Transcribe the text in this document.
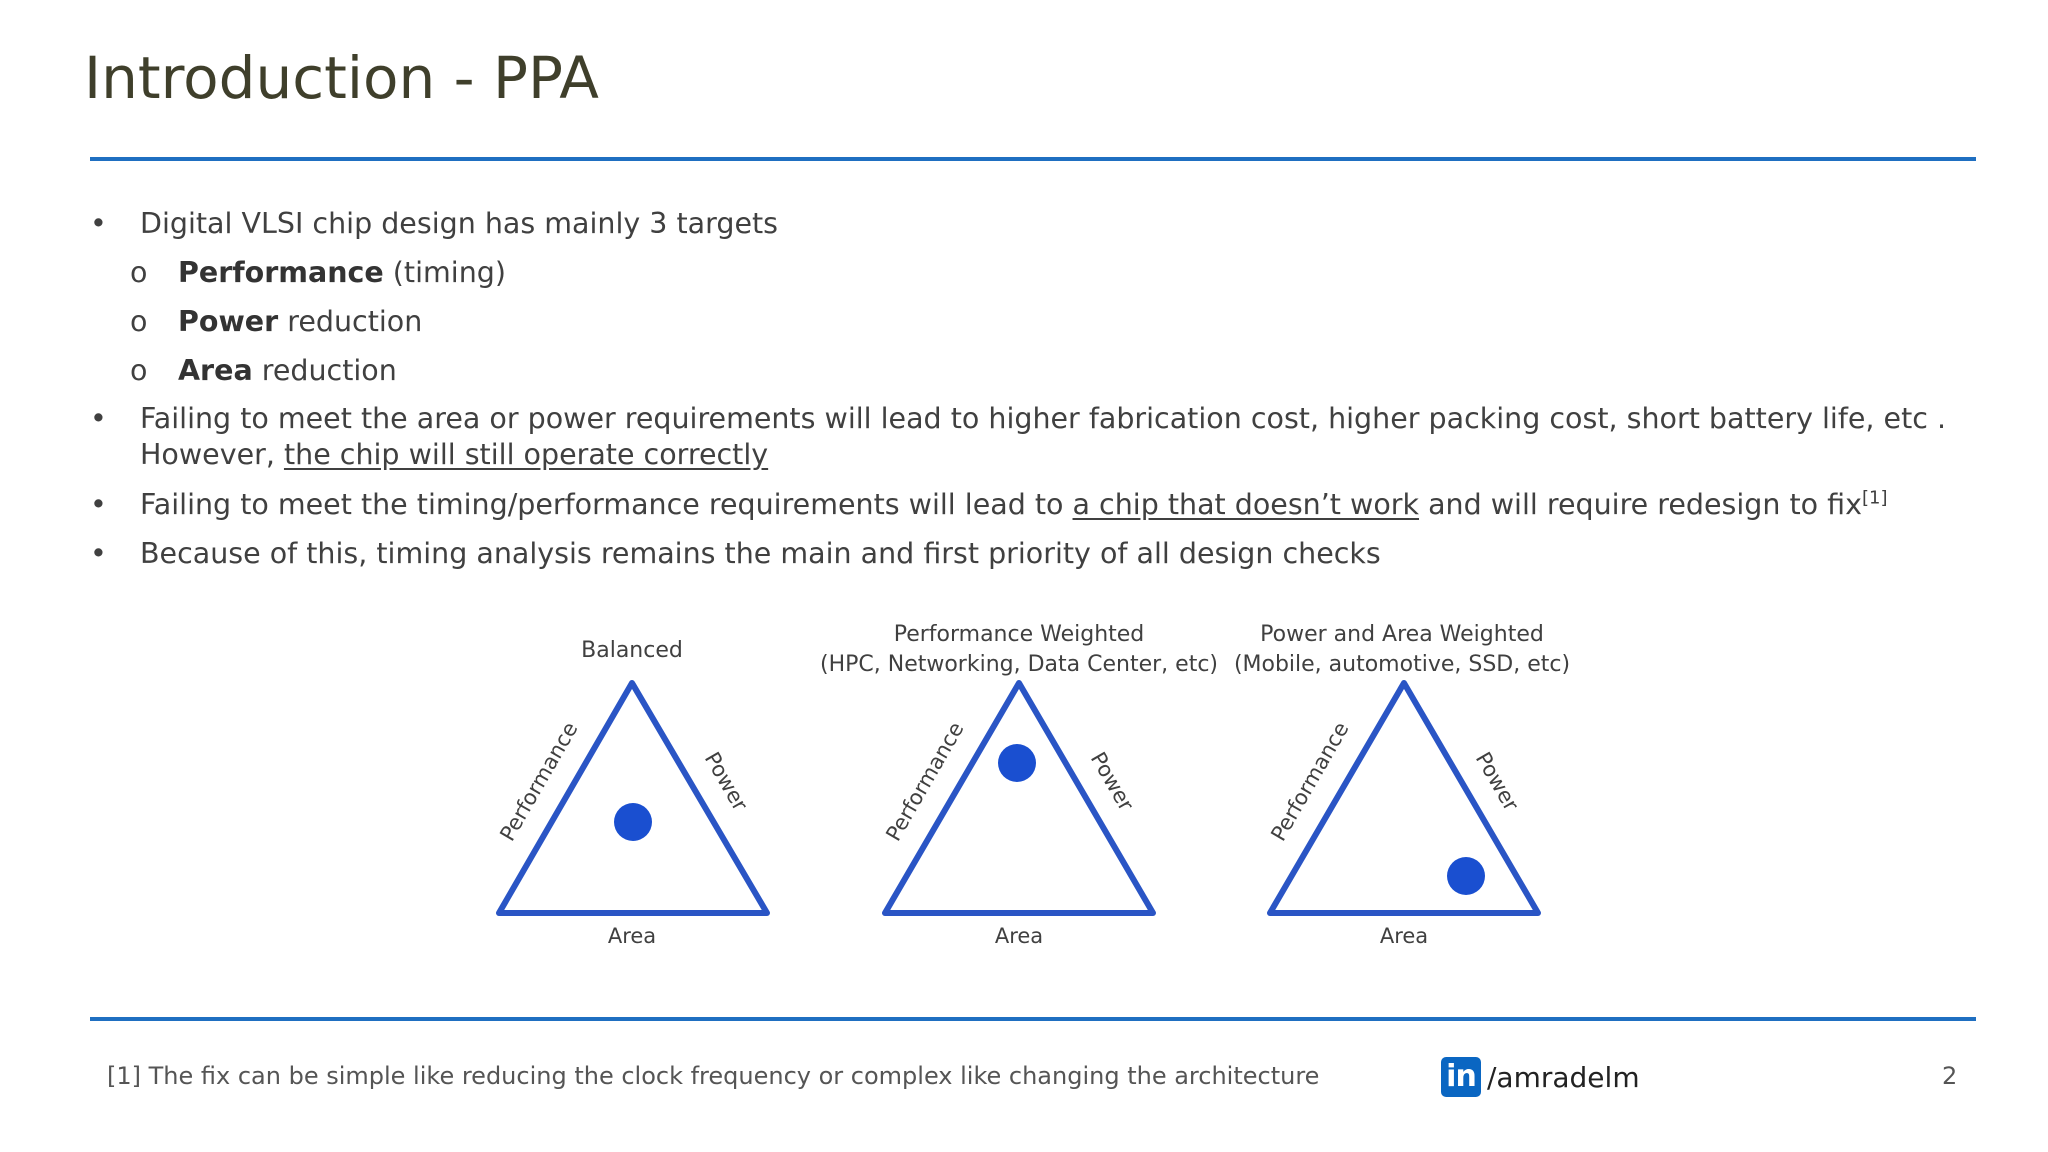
Introduction - PPA
• Digital VLSI chip design has mainly 3 targets
o	Performance (timing)
o	Power reduction
o	Area reduction
• Failing to meet the area or power requirements will lead to higher fabrication cost, higher packing cost, short battery life, etc .
However, the chip will still operate correctly
• Failing to meet the timing/performance requirements will lead to a chip that doesn’t work and will require redesign to fix[1]
• Because of this, timing analysis remains the main and first priority of all design checks
Balanced
Performance	Power
Area
Performance Weighted
(HPC, Networking, Data Center, etc)
Performance	Power
Area
Power and Area Weighted
(Mobile, automotive, SSD, etc)
Performance	Power
Area
[1] The fix can be simple like reducing the clock frequency or complex like changing the architecture	in /amradelm	2
